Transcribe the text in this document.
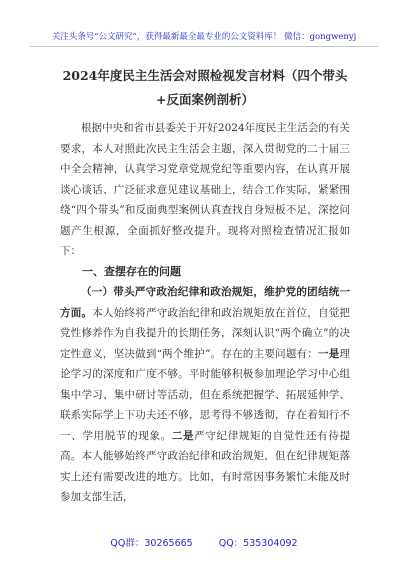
关注头条号“公文研究”，获得最新最全最专业的公文资料库！ 微信：gongwenyj

2024年度民主生活会对照检视发言材料（四个带头+反面案例剖析）

根据中央和省市县委关于开好2024年度民主生活会的有关要求，本人对照此次民主生活会主题，深入贯彻党的二十届三中全会精神，认真学习党章党规党纪等重要内容，在认真开展谈心谈话、广泛征求意见建议基础上，结合工作实际，紧紧围绕“四个带头”和反面典型案例认真查找自身短板不足，深挖问题产生根源，全面抓好整改提升。现将对照检查情况汇报如下：

一、查摆存在的问题

（一）带头严守政治纪律和政治规矩，维护党的团结统一方面。本人始终将严守政治纪律和政治规矩放在首位，自觉把党性修养作为自我提升的长期任务，深刻认识“两个确立”的决定性意义，坚决做到“两个维护”。存在的主要问题有：一是理论学习的深度和广度不够。平时能够积极参加理论学习中心组集中学习、集中研讨等活动，但在系统把握学、拓展延伸学、联系实际学上下功夫还不够，思考得不够透彻，存在着知行不一、学用脱节的现象。二是严守纪律规矩的自觉性还有待提高。本人能够始终严守政治纪律和政治规矩，但在纪律规矩落实上还有需要改进的地方。比如，有时常因事务繁忙未能及时参加支部生活，

QQ群：30265665	QQ：535304092
